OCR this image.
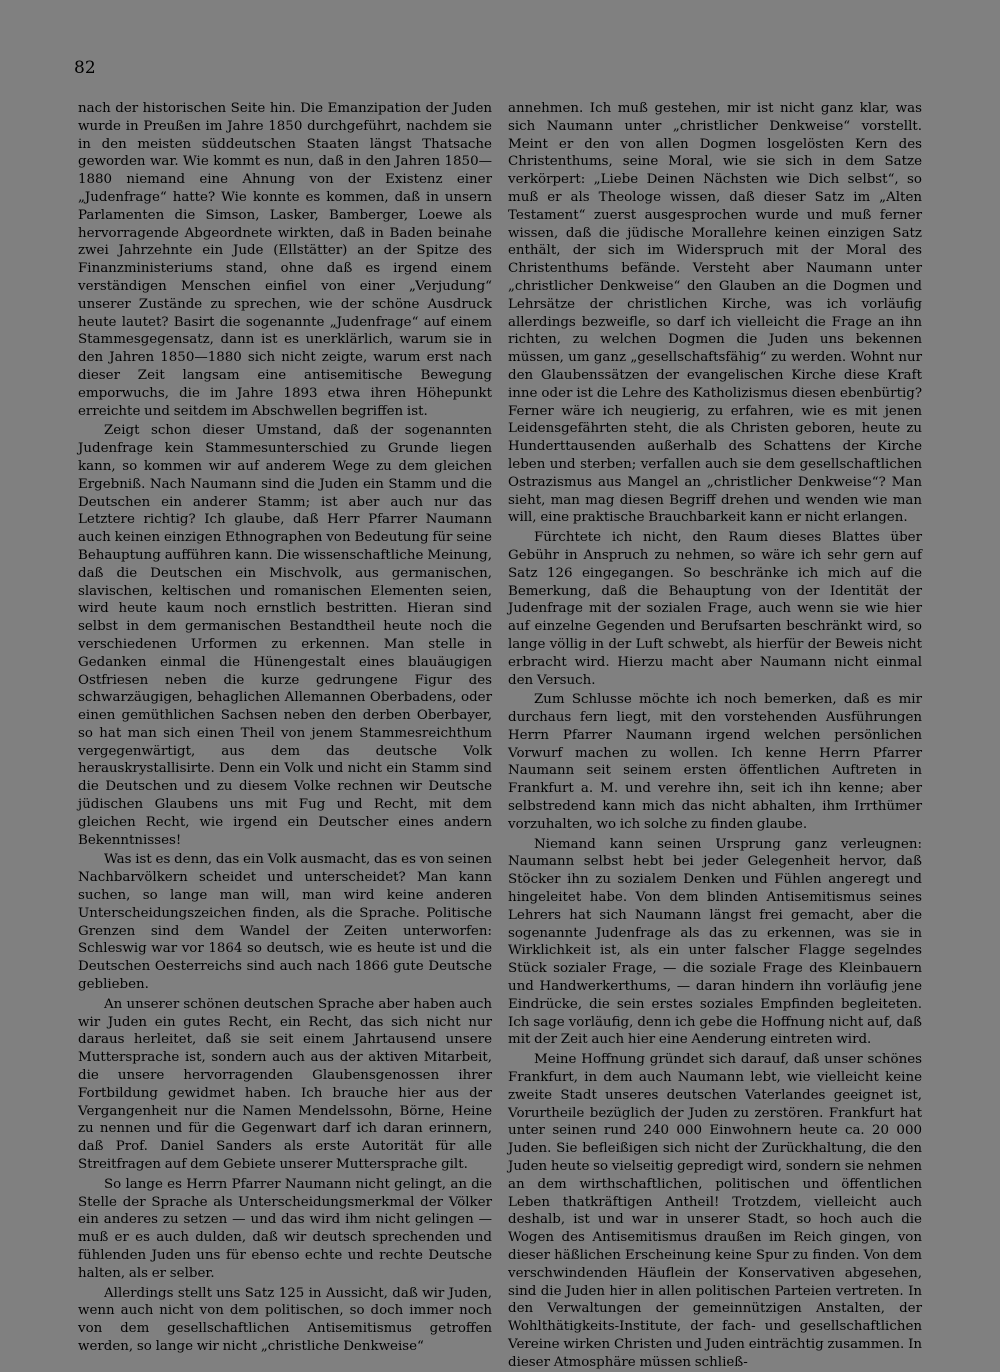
82

nach der historischen Seite hin. Die Emanzipation der Juden wurde in Preußen im Jahre 1850 durchgeführt, nachdem sie in den meisten süddeutschen Staaten längst Thatsache geworden war. Wie kommt es nun, daß in den Jahren 1850—1880 niemand eine Ahnung von der Existenz einer „Judenfrage“ hatte? Wie konnte es kommen, daß in unsern Parlamenten die Simson, Lasker, Bamberger, Loewe als hervorragende Abgeordnete wirkten, daß in Baden beinahe zwei Jahrzehnte ein Jude (Ellstätter) an der Spitze des Finanzministeriums stand, ohne daß es irgend einem verständigen Menschen einfiel von einer „Verjudung“ unserer Zustände zu sprechen, wie der schöne Ausdruck heute lautet? Basirt die sogenannte „Judenfrage“ auf einem Stammesgegensatz, dann ist es unerklärlich, warum sie in den Jahren 1850—1880 sich nicht zeigte, warum erst nach dieser Zeit langsam eine antisemitische Bewegung emporwuchs, die im Jahre 1893 etwa ihren Höhepunkt erreichte und seitdem im Abschwellen begriffen ist.

Zeigt schon dieser Umstand, daß der sogenannten Judenfrage kein Stammesunterschied zu Grunde liegen kann, so kommen wir auf anderem Wege zu dem gleichen Ergebniß. Nach Naumann sind die Juden ein Stamm und die Deutschen ein anderer Stamm; ist aber auch nur das Letztere richtig? Ich glaube, daß Herr Pfarrer Naumann auch keinen einzigen Ethnographen von Bedeutung für seine Behauptung aufführen kann. Die wissenschaftliche Meinung, daß die Deutschen ein Mischvolk, aus germanischen, slavischen, keltischen und romanischen Elementen seien, wird heute kaum noch ernstlich bestritten. Hieran sind selbst in dem germanischen Bestandtheil heute noch die verschiedenen Urformen zu erkennen. Man stelle in Gedanken einmal die Hünengestalt eines blauäugigen Ostfriesen neben die kurze gedrungene Figur des schwarzäugigen, behaglichen Allemannen Oberbadens, oder einen gemüthlichen Sachsen neben den derben Oberbayer, so hat man sich einen Theil von jenem Stammesreichthum vergegenwärtigt, aus dem das deutsche Volk herauskrystallisirte. Denn ein Volk und nicht ein Stamm sind die Deutschen und zu diesem Volke rechnen wir Deutsche jüdischen Glaubens uns mit Fug und Recht, mit dem gleichen Recht, wie irgend ein Deutscher eines andern Bekenntnisses!

Was ist es denn, das ein Volk ausmacht, das es von seinen Nachbarvölkern scheidet und unterscheidet? Man kann suchen, so lange man will, man wird keine anderen Unterscheidungszeichen finden, als die Sprache. Politische Grenzen sind dem Wandel der Zeiten unterworfen: Schleswig war vor 1864 so deutsch, wie es heute ist und die Deutschen Oesterreichs sind auch nach 1866 gute Deutsche geblieben.

An unserer schönen deutschen Sprache aber haben auch wir Juden ein gutes Recht, ein Recht, das sich nicht nur daraus herleitet, daß sie seit einem Jahrtausend unsere Muttersprache ist, sondern auch aus der aktiven Mitarbeit, die unsere hervorragenden Glaubensgenossen ihrer Fortbildung gewidmet haben. Ich brauche hier aus der Vergangenheit nur die Namen Mendelssohn, Börne, Heine zu nennen und für die Gegenwart darf ich daran erinnern, daß Prof. Daniel Sanders als erste Autorität für alle Streitfragen auf dem Gebiete unserer Muttersprache gilt.

So lange es Herrn Pfarrer Naumann nicht gelingt, an die Stelle der Sprache als Unterscheidungsmerkmal der Völker ein anderes zu setzen — und das wird ihm nicht gelingen — muß er es auch dulden, daß wir deutsch sprechenden und fühlenden Juden uns für ebenso echte und rechte Deutsche halten, als er selber.

Allerdings stellt uns Satz 125 in Aussicht, daß wir Juden, wenn auch nicht von dem politischen, so doch immer noch von dem gesellschaftlichen Antisemitismus getroffen werden, so lange wir nicht „christliche Denkweise“

annehmen. Ich muß gestehen, mir ist nicht ganz klar, was sich Naumann unter „christlicher Denkweise“ vorstellt. Meint er den von allen Dogmen losgelösten Kern des Christenthums, seine Moral, wie sie sich in dem Satze verkörpert: „Liebe Deinen Nächsten wie Dich selbst“, so muß er als Theologe wissen, daß dieser Satz im „Alten Testament“ zuerst ausgesprochen wurde und muß ferner wissen, daß die jüdische Morallehre keinen einzigen Satz enthält, der sich im Widerspruch mit der Moral des Christenthums befände. Versteht aber Naumann unter „christlicher Denkweise“ den Glauben an die Dogmen und Lehrsätze der christlichen Kirche, was ich vorläufig allerdings bezweifle, so darf ich vielleicht die Frage an ihn richten, zu welchen Dogmen die Juden uns bekennen müssen, um ganz „gesellschaftsfähig“ zu werden. Wohnt nur den Glaubenssätzen der evangelischen Kirche diese Kraft inne oder ist die Lehre des Katholizismus diesen ebenbürtig? Ferner wäre ich neugierig, zu erfahren, wie es mit jenen Leidensgefährten steht, die als Christen geboren, heute zu Hunderttausenden außerhalb des Schattens der Kirche leben und sterben; verfallen auch sie dem gesellschaftlichen Ostrazismus aus Mangel an „christlicher Denkweise“? Man sieht, man mag diesen Begriff drehen und wenden wie man will, eine praktische Brauchbarkeit kann er nicht erlangen.

Fürchtete ich nicht, den Raum dieses Blattes über Gebühr in Anspruch zu nehmen, so wäre ich sehr gern auf Satz 126 eingegangen. So beschränke ich mich auf die Bemerkung, daß die Behauptung von der Identität der Judenfrage mit der sozialen Frage, auch wenn sie wie hier auf einzelne Gegenden und Berufsarten beschränkt wird, so lange völlig in der Luft schwebt, als hierfür der Beweis nicht erbracht wird. Hierzu macht aber Naumann nicht einmal den Versuch.

Zum Schlusse möchte ich noch bemerken, daß es mir durchaus fern liegt, mit den vorstehenden Ausführungen Herrn Pfarrer Naumann irgend welchen persönlichen Vorwurf machen zu wollen. Ich kenne Herrn Pfarrer Naumann seit seinem ersten öffentlichen Auftreten in Frankfurt a. M. und verehre ihn, seit ich ihn kenne; aber selbstredend kann mich das nicht abhalten, ihm Irrthümer vorzuhalten, wo ich solche zu finden glaube.

Niemand kann seinen Ursprung ganz verleugnen: Naumann selbst hebt bei jeder Gelegenheit hervor, daß Stöcker ihn zu sozialem Denken und Fühlen angeregt und hingeleitet habe. Von dem blinden Antisemitismus seines Lehrers hat sich Naumann längst frei gemacht, aber die sogenannte Judenfrage als das zu erkennen, was sie in Wirklichkeit ist, als ein unter falscher Flagge segelndes Stück sozialer Frage, — die soziale Frage des Kleinbauern und Handwerkerthums, — daran hindern ihn vorläufig jene Eindrücke, die sein erstes soziales Empfinden begleiteten. Ich sage vorläufig, denn ich gebe die Hoffnung nicht auf, daß mit der Zeit auch hier eine Aenderung eintreten wird.

Meine Hoffnung gründet sich darauf, daß unser schönes Frankfurt, in dem auch Naumann lebt, wie vielleicht keine zweite Stadt unseres deutschen Vaterlandes geeignet ist, Vorurtheile bezüglich der Juden zu zerstören. Frankfurt hat unter seinen rund 240 000 Einwohnern heute ca. 20 000 Juden. Sie befleißigen sich nicht der Zurückhaltung, die den Juden heute so vielseitig gepredigt wird, sondern sie nehmen an dem wirthschaftlichen, politischen und öffentlichen Leben thatkräftigen Antheil! Trotzdem, vielleicht auch deshalb, ist und war in unserer Stadt, so hoch auch die Wogen des Antisemitismus draußen im Reich gingen, von dieser häßlichen Erscheinung keine Spur zu finden. Von dem verschwindenden Häuflein der Konservativen abgesehen, sind die Juden hier in allen politischen Parteien vertreten. In den Verwaltungen der gemeinnützigen Anstalten, der Wohlthätigkeits-Institute, der fach- und gesellschaftlichen Vereine wirken Christen und Juden einträchtig zusammen. In dieser Atmosphäre müssen schließ-
